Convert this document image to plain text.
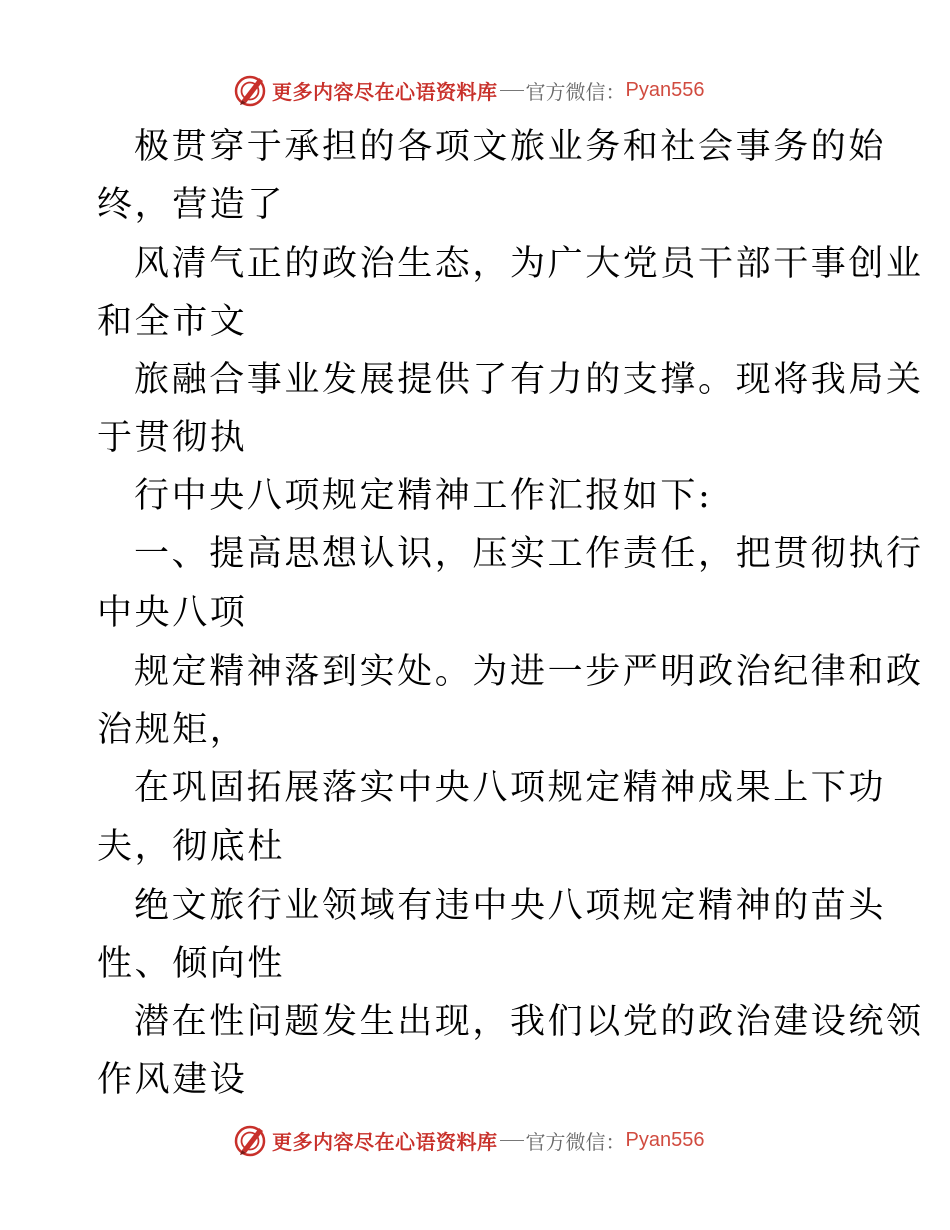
更多内容尽在心语资料库 官方微信： Pyan556
极贯穿于承担的各项文旅业务和社会事务的始
终，营造了
风清气正的政治生态，为广大党员干部干事创业
和全市文
旅融合事业发展提供了有力的支撑。现将我局关
于贯彻执
行中央八项规定精神工作汇报如下:
一、提高思想认识，压实工作责任，把贯彻执行
中央八项
规定精神落到实处。为进一步严明政治纪律和政
治规矩，
在巩固拓展落实中央八项规定精神成果上下功
夫，彻底杜
绝文旅行业领域有违中央八项规定精神的苗头
性、倾向性
潜在性问题发生出现，我们以党的政治建设统领
作风建设
更多内容尽在心语资料库 官方微信： Pyan556
